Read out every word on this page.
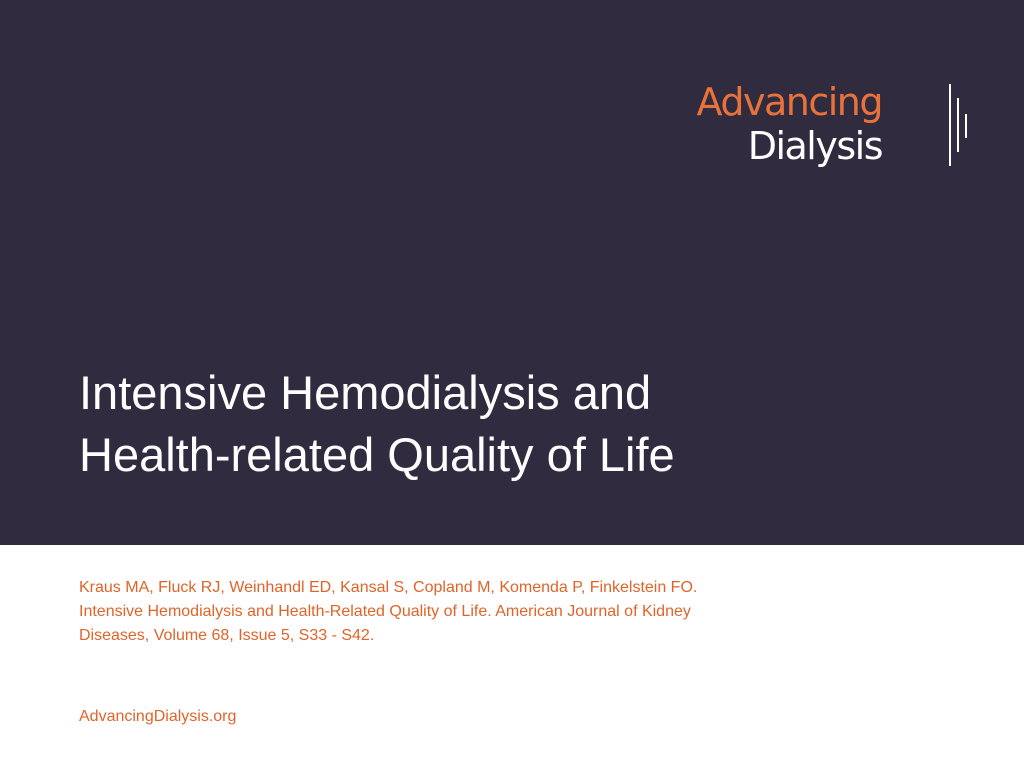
Advancing
Dialysis
Intensive Hemodialysis and
Health-related Quality of Life

Kraus MA, Fluck RJ, Weinhandl ED, Kansal S, Copland M, Komenda P, Finkelstein FO.
Intensive Hemodialysis and Health-Related Quality of Life. American Journal of Kidney
Diseases, Volume 68, Issue 5, S33 - S42.

AdvancingDialysis.org
